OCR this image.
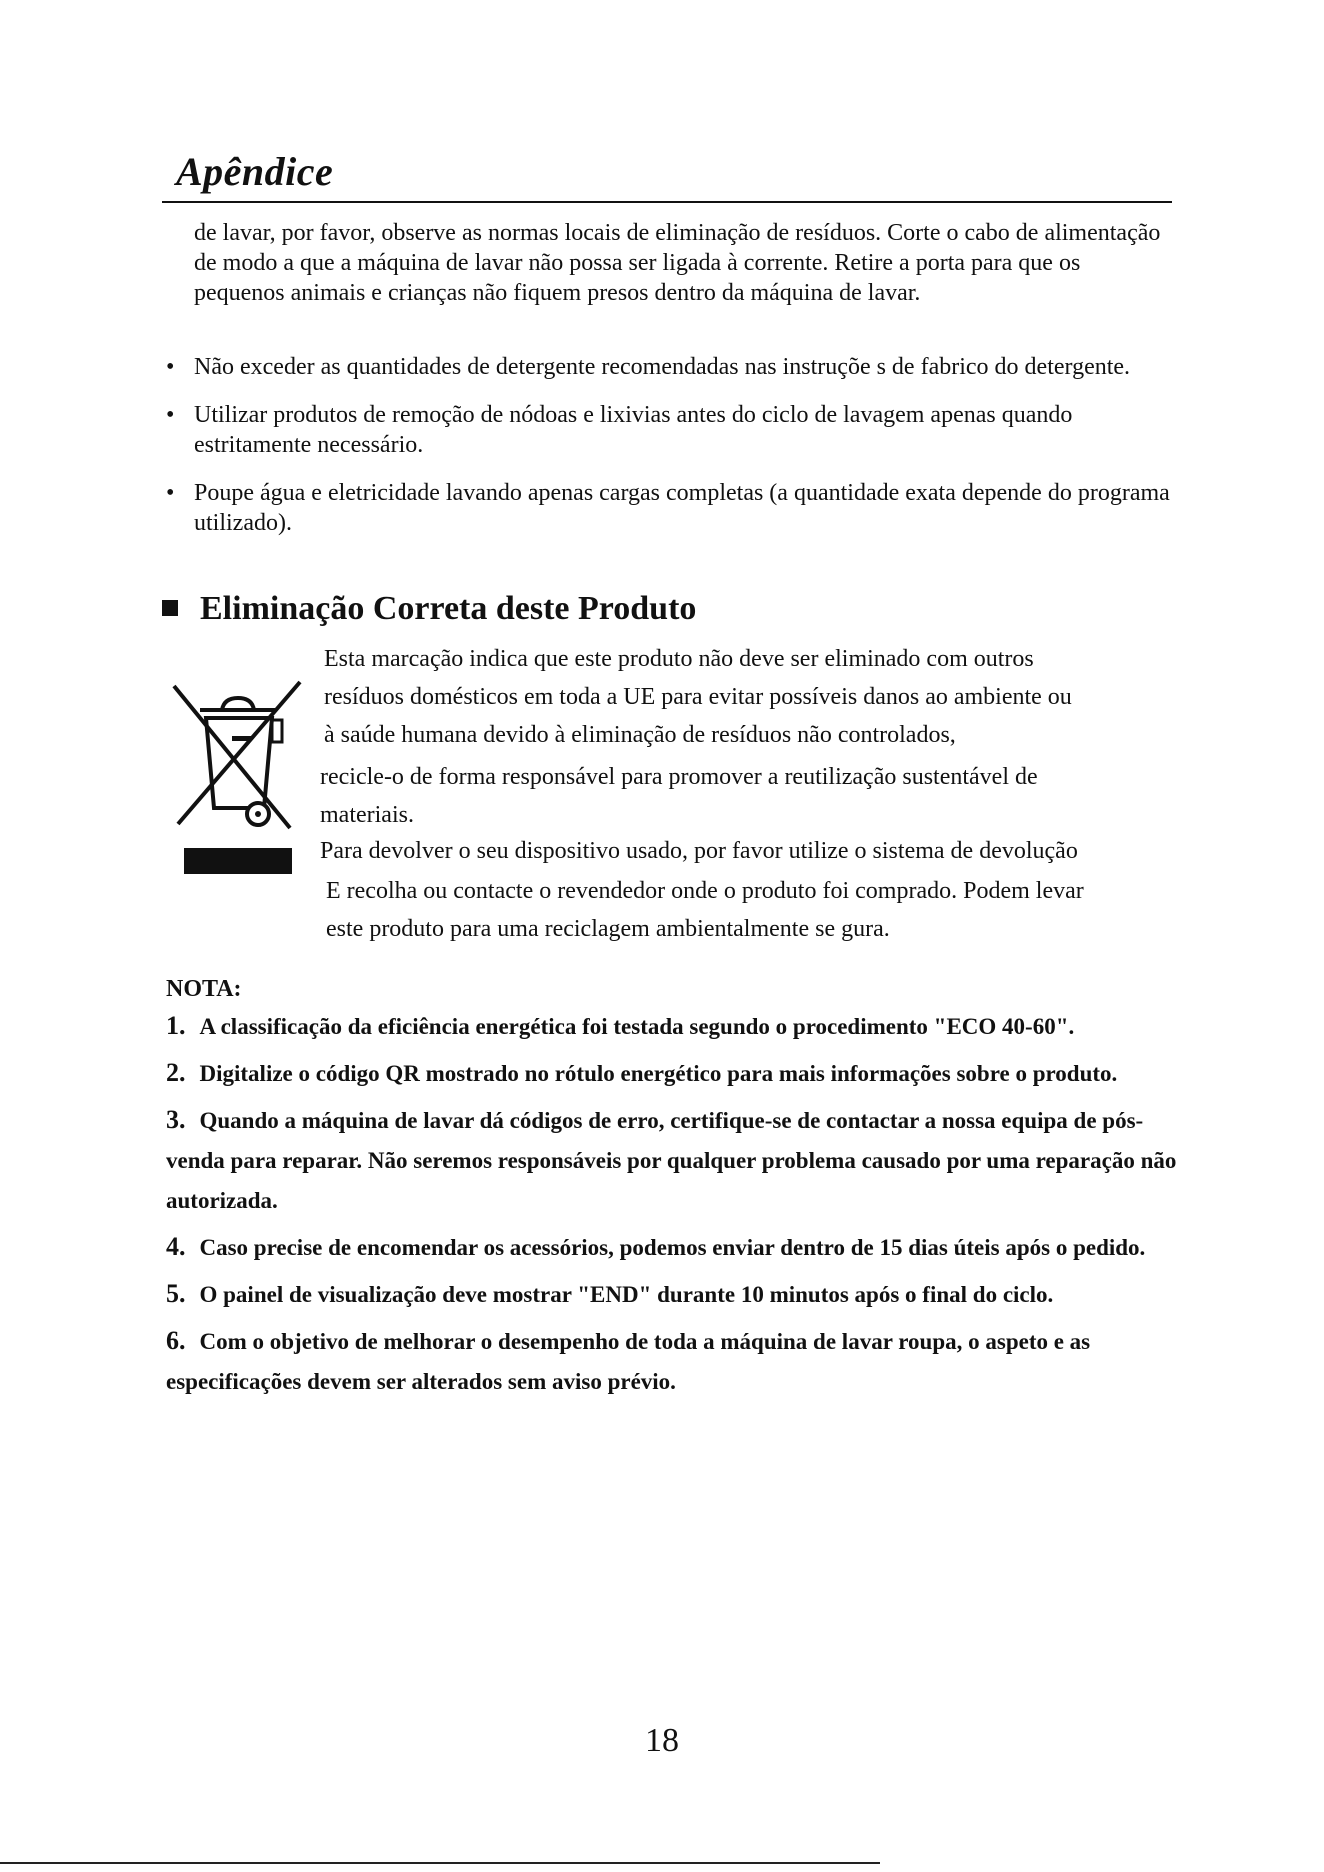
Apêndice
de lavar, por favor, observe as normas locais de eliminação de resíduos. Corte o cabo de alimentação de modo a que a máquina de lavar não possa ser ligada à corrente. Retire a porta para que os pequenos animais e crianças não fiquem presos dentro da máquina de lavar.
• Não exceder as quantidades de detergente recomendadas nas instruçõe s de fabrico do detergente.
• Utilizar produtos de remoção de nódoas e lixivias antes do ciclo de lavagem apenas quando estritamente necessário.
• Poupe água e eletricidade lavando apenas cargas completas (a quantidade exata depende do programa utilizado).
Eliminação Correta deste Produto
Esta marcação indica que este produto não deve ser eliminado com outros
resíduos domésticos em toda a UE para evitar possíveis danos ao ambiente ou
à saúde humana devido à eliminação de resíduos não controlados,
recicle-o de forma responsável para promover a reutilização sustentável de
materiais.
Para devolver o seu dispositivo usado, por favor utilize o sistema de devolução
E recolha ou contacte o revendedor onde o produto foi comprado. Podem levar
este produto para uma reciclagem ambientalmente se gura.
NOTA:
1. A classificação da eficiência energética foi testada segundo o procedimento "ECO 40-60".
2. Digitalize o código QR mostrado no rótulo energético para mais informações sobre o produto.
3. Quando a máquina de lavar dá códigos de erro, certifique-se de contactar a nossa equipa de pós-venda para reparar. Não seremos responsáveis por qualquer problema causado por uma reparação não autorizada.
4. Caso precise de encomendar os acessórios, podemos enviar dentro de 15 dias úteis após o pedido.
5. O painel de visualização deve mostrar "END" durante 10 minutos após o final do ciclo.
6. Com o objetivo de melhorar o desempenho de toda a máquina de lavar roupa, o aspeto e as especificações devem ser alterados sem aviso prévio.
18
